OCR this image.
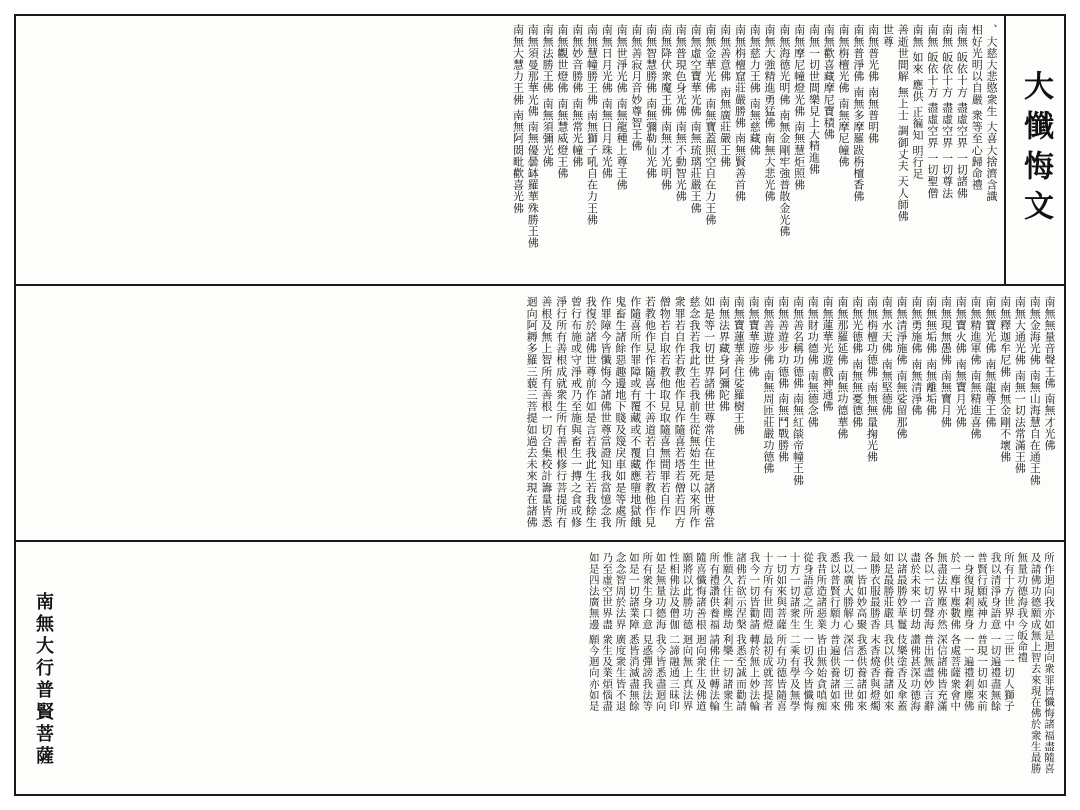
大懺悔文
、大慈大悲愍衆生 大喜大捨濟含識
相好光明以自嚴 衆等至心歸命禮
南無 皈依十方 盡虛空界 一切諸佛
南無 皈依十方 盡虛空界 一切尊法
南無 皈依十方 盡虛空界 一切聖僧
南無 如來 應供 正徧知 明行足
善逝世間解 無上士 調御丈夫 天人師佛
世尊
南無普光佛 南無普明佛
南無普淨佛 南無多摩羅跋栴檀香佛
南無栴檀光佛 南無摩尼幢佛
南無歡喜藏摩尼寶積佛
南無一切世間樂見上大精進佛
南無摩尼幢燈光佛 南無慧炬照佛
南無海德光明佛 南無金剛牢強普散金光佛
南無大強精進勇猛佛 南無大悲光佛
南無慈力王佛 南無慈藏佛
南無栴檀窟莊嚴勝佛 南無賢善首佛
南無善意佛 南無廣莊嚴王佛
南無金華光佛 南無寶蓋照空自在力王佛
南無虛空寶華光佛 南無琉璃莊嚴王佛
南無普現色身光佛 南無不動智光佛
南無降伏衆魔王佛 南無才光明佛
南無智慧勝佛 南無彌勒仙光佛
南無善寂月音妙尊智王佛
南無世淨光佛 南無龍種上尊王佛
南無日月光佛 南無日月珠光佛
南無慧幢勝王佛 南無獅子吼自在力王佛
南無妙音勝佛 南無常光幢佛
南無觀世燈佛 南無慧威燈王佛
南無法勝王佛 南無須彌光佛
南無須曼那華光佛 南無優曇缽羅華殊勝王佛
南無大慧力王佛 南無阿閦毗歡喜光佛
南無無量音聲王佛 南無才光佛
南無金海光佛 南無山海慧自在通王佛
南無大通光佛 南無一切法常滿王佛
南無釋迦牟尼佛 南無金剛不壞佛
南無寶光佛 南無龍尊王佛
南無精進軍佛 南無精進喜佛
南無寶火佛 南無寶月光佛
南無現無愚佛 南無寶月佛
南無無垢佛 南無離垢佛
南無勇施佛 南無清淨佛
南無清淨施佛 南無娑留那佛
南無水天佛 南無堅德佛
南無栴檀功德佛 南無無量掬光佛
南無光德佛 南無無憂德佛
南無那羅延佛 南無功德華佛
南無蓮華光遊戲神通佛
南無財功德佛 南無德念佛
南無善名稱功德佛 南無紅燄帝幢王佛
南無善遊步功德佛 南無鬥戰勝佛
南無善遊步佛 南無周匝莊嚴功德佛
南無寶華遊步佛
南無寶蓮華善住娑羅樹王佛
南無法界藏身阿彌陀佛
如是等一切世界諸佛世尊常住在世是諸世尊當
慈念我若我此生若我前生從無始生死以來所作
衆罪若自作若教他作見作隨喜若塔若僧若四方
僧物若自取若教他取見取隨喜無間罪若自作
若教他作見作隨喜十不善道若自作若教他作見
作隨喜所作罪障或有覆藏或不覆藏應墮地獄餓
鬼畜生諸餘惡趣邊地下賤及篾戾車如是等處所
作罪障今皆懺悔今諸佛世尊當證知我當憶念我
我復於諸佛世尊前作如是言若我此生若我餘生
曾行布施或守淨戒乃至施與畜生一摶之食或修
淨行所有善根成就衆生所有善根修行菩提所有
善根及無上智所有善根一切合集校計籌量皆悉
迴向阿耨多羅三藐三菩提如過去未來現在諸佛
所作迴向我亦如是迴向衆罪皆懺悔諸福盡隨喜
及請佛功德願成無上智去來現在佛於衆生最勝
無量功德海我今皈命禮
所有十方世界中 三世一切人獅子
我以清淨身語意 一切遍禮盡無餘
普賢行願威神力 普現一切如來前
一身復現剎塵身 一一遍禮剎塵佛
於一塵中塵數佛 各處菩薩衆會中
無盡法界塵亦然 深信諸佛皆充滿
各以一切音聲海 普出無盡妙言辭
盡於未來一切劫 讚佛甚深功德海
以諸最勝妙華鬘 伎樂塗香及傘蓋
如是最勝莊嚴具 我以供養諸如來
最勝衣服最勝香 末香燒香與燈燭
一一皆如妙高聚 我悉供養諸如來
我以廣大勝解心 深信一切三世佛
悉以普賢行願力 普遍供養諸如來
我昔所造諸惡業 皆由無始貪嗔痴
從身語意之所生 一切我今皆懺悔
十方一切諸衆生 二乘有學及無學
一切如來與菩薩 所有功德皆隨喜
十方所有世間燈 最初成就菩提者
我今一切皆勸請 轉於無上妙法輪
諸佛若欲示涅槃 我悉至誠而勸請
惟願久住剎塵劫 利樂一切諸衆生
所有禮讚供養福 請佛住世轉法輪
隨喜懺悔諸善根 迴向衆生及佛道
願將以此勝功德 迴向無上真法界
性相佛法及僧伽 二諦融通三昧印
如是無量功德海 我今皆悉盡迴向
所有衆生身口意 見惑彈謗我法等
如是一切諸業障 悉皆消滅盡無餘
念念智周於法界 廣度衆生皆不退
乃至虛空世界盡 衆生及業煩惱盡
如是四法廣無邊 願今迴向亦如是
南無大行普賢菩薩
